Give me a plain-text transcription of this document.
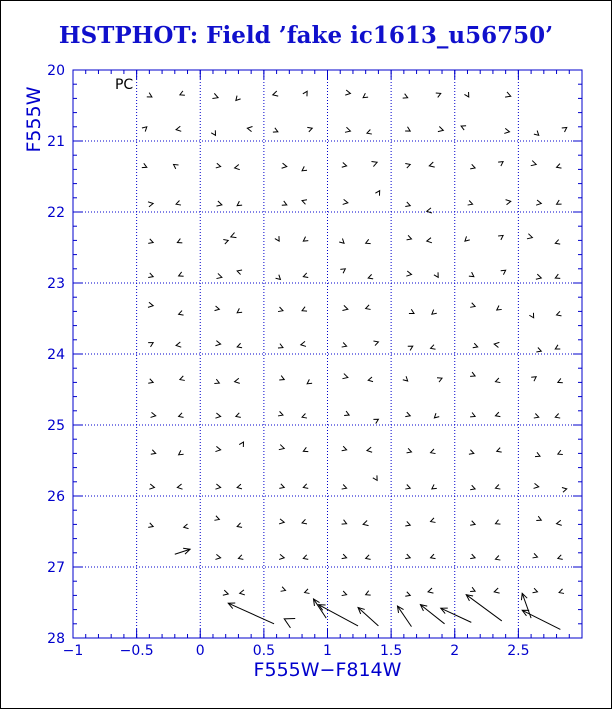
HSTPHOT: Field ’fake ic1613_u56750’
−1	−0.5	0	0.5	1	1.5	2	2.5
20
21
22
23
24
25
26
27
28
PC
F555W−F814W
F555W
